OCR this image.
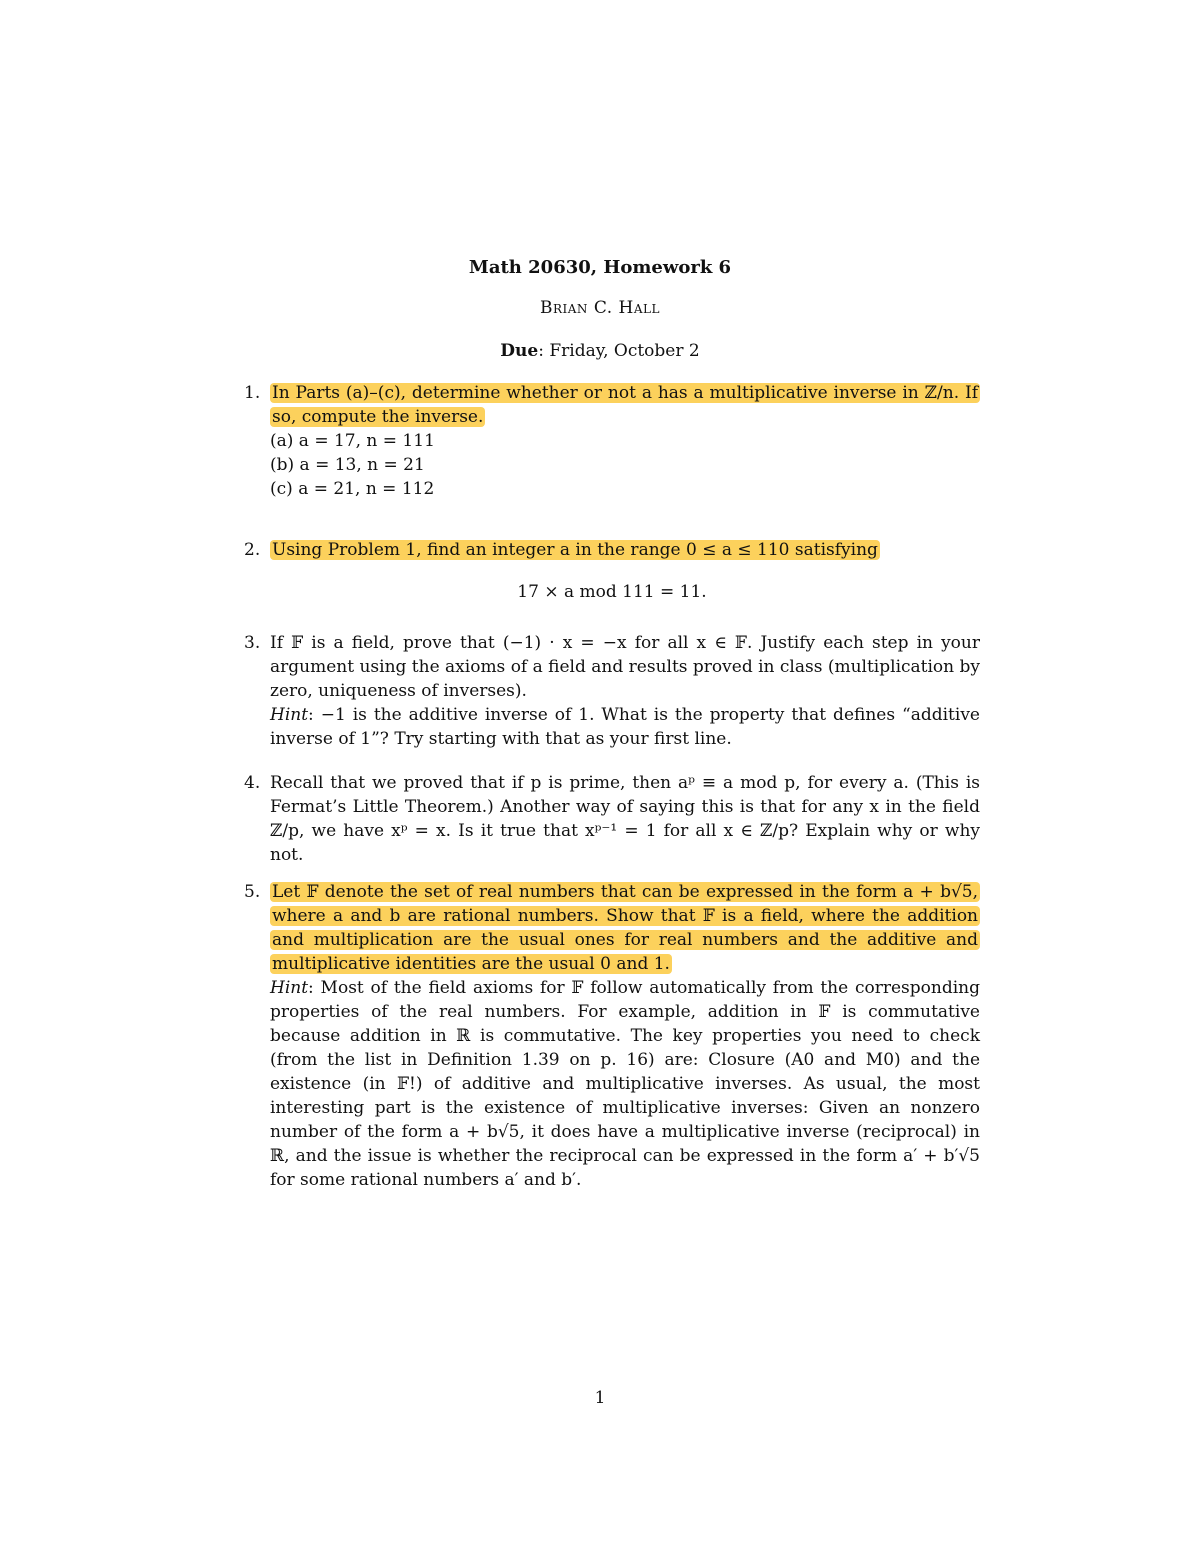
Math 20630, Homework 6
Brian C. Hall
Due: Friday, October 2
1. In Parts (a)–(c), determine whether or not a has a multiplicative inverse in ℤ/n. If so, compute the inverse.

(a) a = 17, n = 111

(b) a = 13, n = 21

(c) a = 21, n = 112

2. Using Problem 1, find an integer a in the range 0 ≤ a ≤ 110 satisfying

17 × a mod 111 = 11.
3. If 𝔽 is a field, prove that (−1) · x = −x for all x ∈ 𝔽. Justify each step in your argument using the axioms of a field and results proved in class (multiplication by zero, uniqueness of inverses).

Hint: −1 is the additive inverse of 1. What is the property that defines “additive inverse of 1”? Try starting with that as your first line.

4. Recall that we proved that if p is prime, then aᵖ ≡ a mod p, for every a. (This is Fermat’s Little Theorem.) Another way of saying this is that for any x in the field ℤ/p, we have xᵖ = x. Is it true that xᵖ⁻¹ = 1 for all x ∈ ℤ/p? Explain why or why not.

5. Let 𝔽 denote the set of real numbers that can be expressed in the form a + b√5, where a and b are rational numbers. Show that 𝔽 is a field, where the addition and multiplication are the usual ones for real numbers and the additive and multiplicative identities are the usual 0 and 1.

Hint: Most of the field axioms for 𝔽 follow automatically from the corresponding properties of the real numbers. For example, addition in 𝔽 is commutative because addition in ℝ is commutative. The key properties you need to check (from the list in Definition 1.39 on p. 16) are: Closure (A0 and M0) and the existence (in 𝔽!) of additive and multiplicative inverses. As usual, the most interesting part is the existence of multiplicative inverses: Given an nonzero number of the form a + b√5, it does have a multiplicative inverse (reciprocal) in ℝ, and the issue is whether the reciprocal can be expressed in the form a′ + b′√5 for some rational numbers a′ and b′.

1
